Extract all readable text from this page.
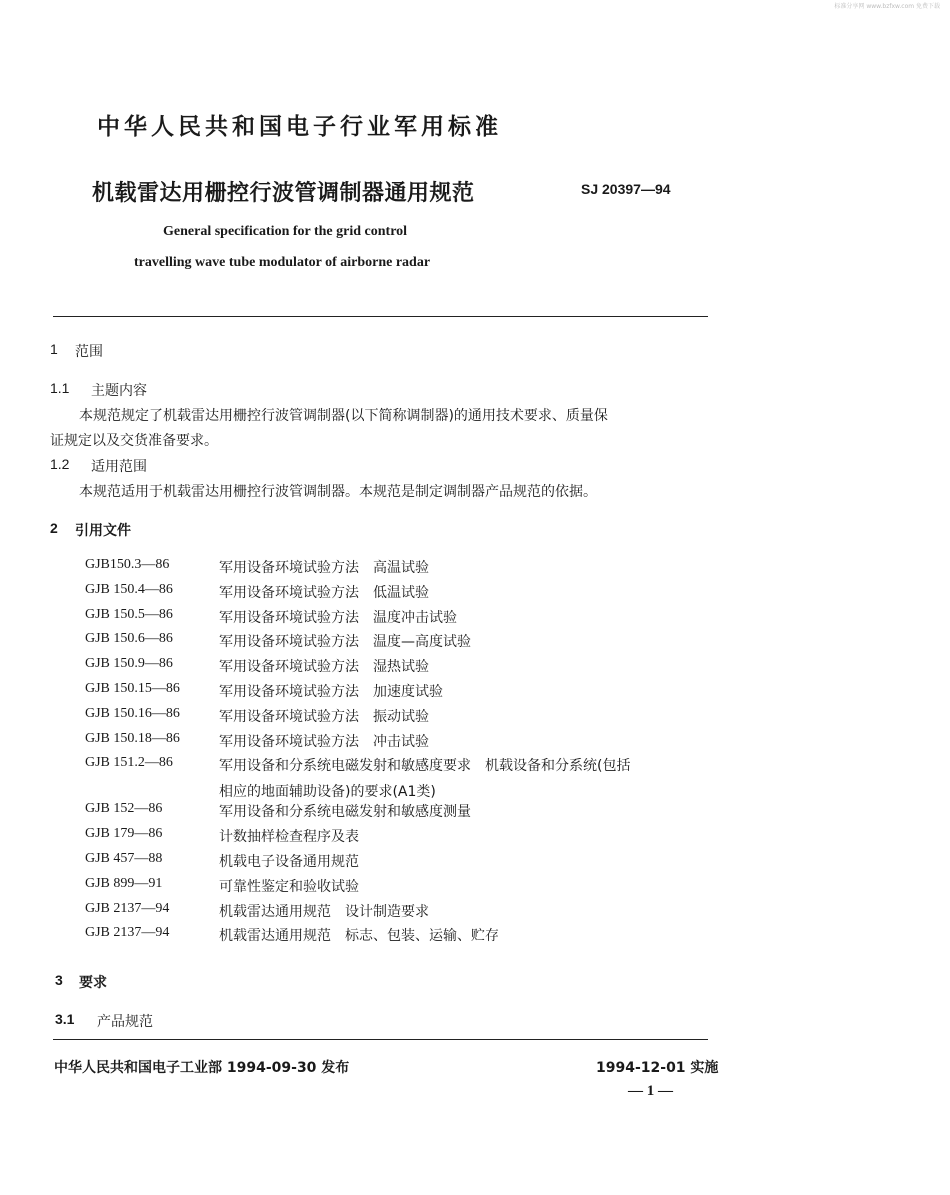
标准分享网 www.bzfxw.com 免费下载
中华人民共和国电子行业军用标准
机载雷达用栅控行波管调制器通用规范	SJ 20397—94
General specification for the grid control
travelling wave tube modulator of airborne radar
1 范围
1.1 主题内容
本规范规定了机载雷达用栅控行波管调制器(以下简称调制器)的通用技术要求、质量保
证规定以及交货准备要求。
1.2 适用范围
本规范适用于机载雷达用栅控行波管调制器。本规范是制定调制器产品规范的依据。
2 引用文件
GJB150.3—86	军用设备环境试验方法　高温试验
GJB 150.4—86	军用设备环境试验方法　低温试验
GJB 150.5—86	军用设备环境试验方法　温度冲击试验
GJB 150.6—86	军用设备环境试验方法　温度—高度试验
GJB 150.9—86	军用设备环境试验方法　湿热试验
GJB 150.15—86	军用设备环境试验方法　加速度试验
GJB 150.16—86	军用设备环境试验方法　振动试验
GJB 150.18—86	军用设备环境试验方法　冲击试验
GJB 151.2—86	军用设备和分系统电磁发射和敏感度要求　机载设备和分系统(包括
相应的地面辅助设备)的要求(A1类)

GJB 152—86	军用设备和分系统电磁发射和敏感度测量
GJB 179—86	计数抽样检查程序及表
GJB 457—88	机载电子设备通用规范
GJB 899—91	可靠性鉴定和验收试验
GJB 2137—94	机载雷达通用规范　设计制造要求
GJB 2137—94	机载雷达通用规范　标志、包装、运输、贮存
3 要求
3.1 产品规范
中华人民共和国电子工业部 1994-09-30 发布	1994-12-01 实施
— 1 —
